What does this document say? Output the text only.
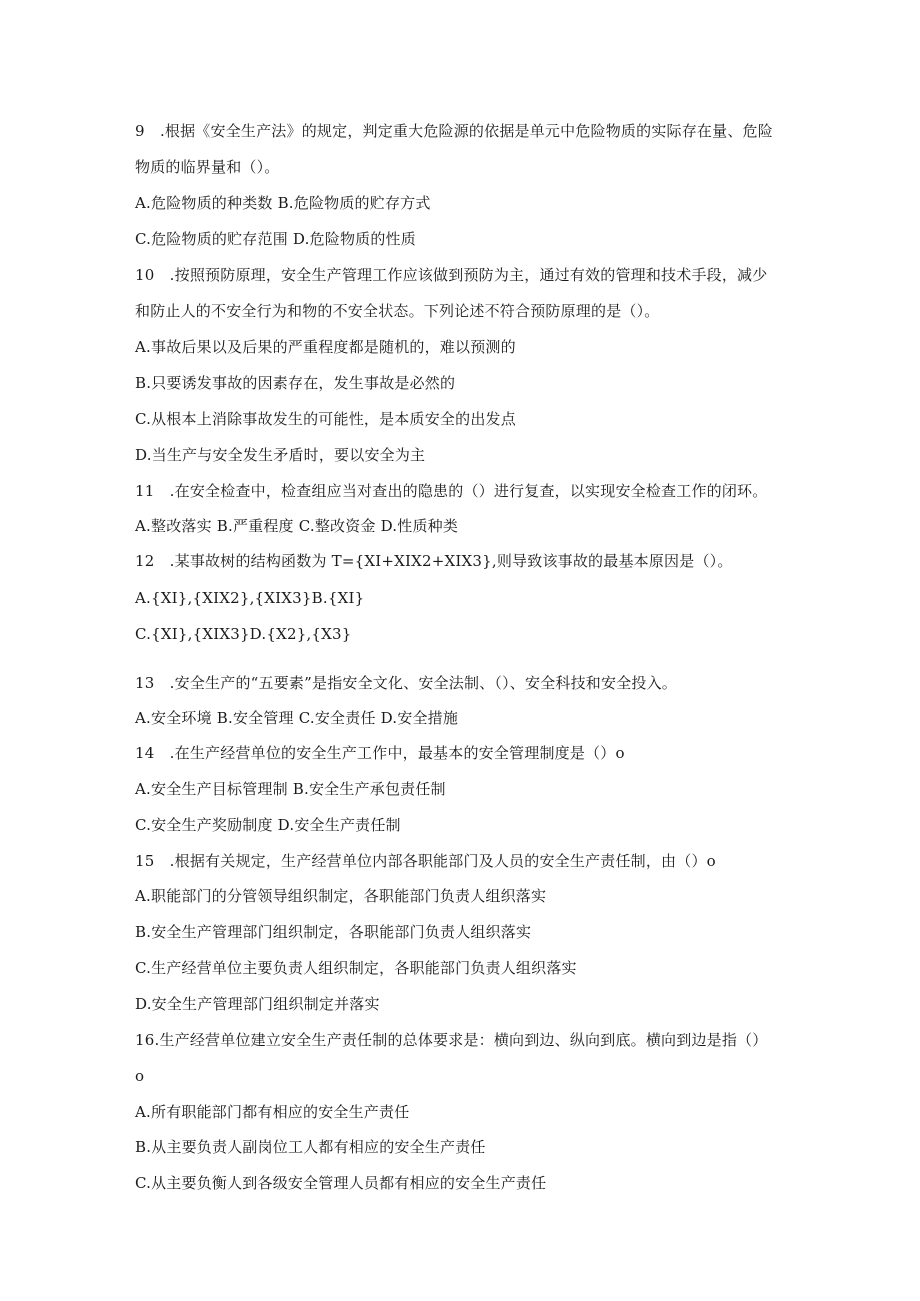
9　.根据《安全生产法》的规定，判定重大危险源的依据是单元中危险物质的实际存在量、危险
物质的临界量和（）。
A.危险物质的种类数 B.危险物质的贮存方式
C.危险物质的贮存范围 D.危险物质的性质
10　.按照预防原理，安全生产管理工作应该做到预防为主，通过有效的管理和技术手段，减少
和防止人的不安全行为和物的不安全状态。下列论述不符合预防原理的是（）。
A.事故后果以及后果的严重程度都是随机的，难以预测的
B.只要诱发事故的因素存在，发生事故是必然的
C.从根本上消除事故发生的可能性，是本质安全的出发点
D.当生产与安全发生矛盾时，要以安全为主
11　.在安全检查中，检查组应当对查出的隐患的（）进行复查，以实现安全检查工作的闭环。
A.整改落实 B.严重程度 C.整改资金 D.性质种类
12　.某事故树的结构函数为 T={XI+XIX2+XIX3},则导致该事故的最基本原因是（）。
A.{XI},{XIX2},{XIX3}B.{XI}
C.{XI},{XIX3}D.{X2},{X3}
13　.安全生产的“五要素”是指安全文化、安全法制、（）、安全科技和安全投入。
A.安全环境 B.安全管理 C.安全责任 D.安全措施
14　.在生产经营单位的安全生产工作中，最基本的安全管理制度是（）o
A.安全生产目标管理制 B.安全生产承包责任制
C.安全生产奖励制度 D.安全生产责任制
15　.根据有关规定，生产经营单位内部各职能部门及人员的安全生产责任制，由（）o
A.职能部门的分管领导组织制定，各职能部门负责人组织落实
B.安全生产管理部门组织制定，各职能部门负责人组织落实
C.生产经营单位主要负责人组织制定，各职能部门负责人组织落实
D.安全生产管理部门组织制定并落实
16.生产经营单位建立安全生产责任制的总体要求是：横向到边、纵向到底。横向到边是指（）
o
A.所有职能部门都有相应的安全生产责任
B.从主要负责人副岗位工人都有相应的安全生产责任
C.从主要负衡人到各级安全管理人员都有相应的安全生产责任
